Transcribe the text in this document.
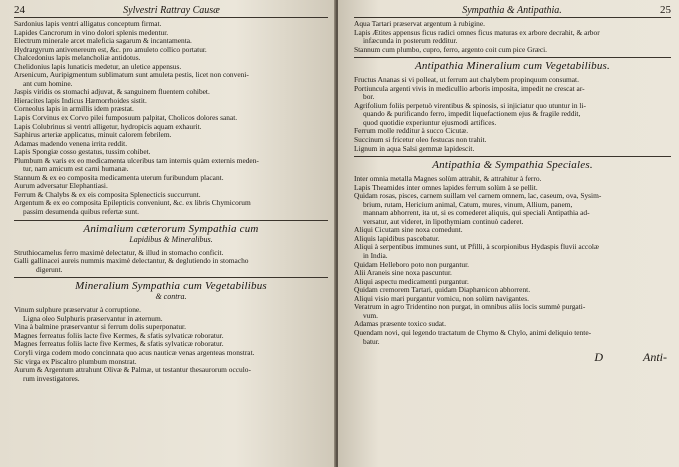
24	Sylvestri Rattray Causæ
Sardonius lapis ventri alligatus conceptum firmat.
Lapides Cancrorum in vino dolori splenis medentur.
Electrum minerale arcet maleficia sagarum & incantamenta.
Hydrargyrum antivenereum est, &c. pro amuleto collico portatur.
Chalcedonius lapis melancholiæ antidotus.
Chelidonius lapis lunaticis medetur, an uletice appensus.
Arsenicum, Auripigmentum sublimatum sunt amuleta pestis, licet non conveni-
ant cum homine.
Jaspis viridis os stomachi adjuvat, & sanguinem fluentem cohibet.
Hieracites lapis Indicus Hæmorrhoides sistit.
Corneolus lapis in armillis idem præstat.
Lapis Corvinus ex Corvo pilei fumposuum palpitat, Cholicos dolores sanat.
Lapis Colubrinus si ventri alligetur, hydropicis aquam exhaurit.
Saphirus arteriæ applicatus, minuit calorem febrilem.
Adamas madendo venena irrita reddit.
Lapis Spongiæ cosso gestatus, tussim cohibet.
Plumbum & varis ex eo medicamenta ulceribus tam internis quàm externis meden-
tur, nam amicum est carni humanæ.
Stannum & ex eo composita medicamenta uterum furibundum placant.
Aurum adversatur Elephantiasi.
Ferrum & Chalybs & ex eis composita Splenecticis succurrunt.
Argentum & ex eo composita Epilepticis conveniunt, &c. ex libris Chymicorum
passim desumenda quibus refertæ sunt.
Animalium cæterorum Sympathia cum
Lapidibus & Mineralibus.
Struthiocamelus ferro maximè delectatur, & illud in stomacho conficit.
Galli gallinacei aureis nummis maximè delectantur, & deglutiendo in stomacho
digerunt.
Mineralium Sympathia cum Vegetabilibus
& contra.
Vinum sulphure præservatur à corruptione.
Ligna oleo Sulphuris præservantur in æternum.
Vina à balmine præservantur si ferrum dolis superponatur.
Magnes ferreatus foliis lacte five Kermes, & sfatis sylvaticæ roboratur.
Magnes ferreatus foliis lacte five Kermes, & sfatis sylvaticæ roboratur.
Coryli virga codem modo concinnata quo acus nauticæ venas argenteas monstrat.
Sic virga ex Piscaltro plumbum monstrat.
Aurum & Argentum attrahunt Olivæ & Palmæ, ut testantur thesaurorum occulo-
rum investigatores.
Sympathia & Antipathia.	25
Aqua Tartari præservat argentum à rubigine.
Lapis Ætites appensus ficus radici omnes ficus maturas ex arbore decrahit, & arbor
infæcunda in posterum redditur.
Stannum cum plumbo, cupro, ferro, argento coit cum pice Græci.
Antipathia Mineralium cum Vegetabilibus.
Fructus Ananas si vi polleat, ut ferrum aut chalybem propinquum consumat.
Portiuncula argenti vivis in medicullio arboris imposita, impedit ne crescat ar-
bor.
Agrifolium foliis perpetuò virentibus & spinosis, si injiciatur quo utuntur in li-
quando & purificando ferro, impedit liquefactionem ejus & fragile reddit,
quod quotidie experiuntur ejusmodi artifices.
Ferrum molle redditur à succo Cicutæ.
Succinum si fricetur oleo festucas non trahit.
Lignum in aqua Salsi gemmæ lapidescit.
Antipathia & Sympathia Speciales.
Inter omnia metalla Magnes solùm attrahit, & attrahitur à ferro.
Lapis Theamides inter omnes lapides ferrum solùm à se pellit.
Quidam rosas, pisces, carnem suillam vel carnem omnem, lac, caseum, ova, Sysim-
brium, rutam, Hericium animal, Catum, mures, vinum, Allium, panem,
mannam abhorrent, ita ut, si es comederet aliquis, qui speciali Antipathia ad-
versatur, aut videret, in lipothymiam continuò caderet.
Aliqui Cicutam sine noxa comedunt.
Aliquis lapidibus pascebatur.
Aliqui à serpentibus immunes sunt, ut Pfilli, à scorpionibus Hydaspis fluvii accolæ
in India.
Quidam Helleboro poto non purgantur.
Alii Araneis sine noxa pascuntur.
Aliqui aspectu medicamenti purgantur.
Quidam cremorem Tartari, quidam Diaphænicon abhorrent.
Aliqui visio mari purgantur vomicu, non solùm navigantes.
Veratrum in agro Tridentino non purgat, in omnibus aliis locis summè purgati-
vum.
Adamas præsente toxico sudat.
Quendam novi, qui legendo tractatum de Chymo & Chylo, animi deliquio tente-
batur.
D	Anti-
